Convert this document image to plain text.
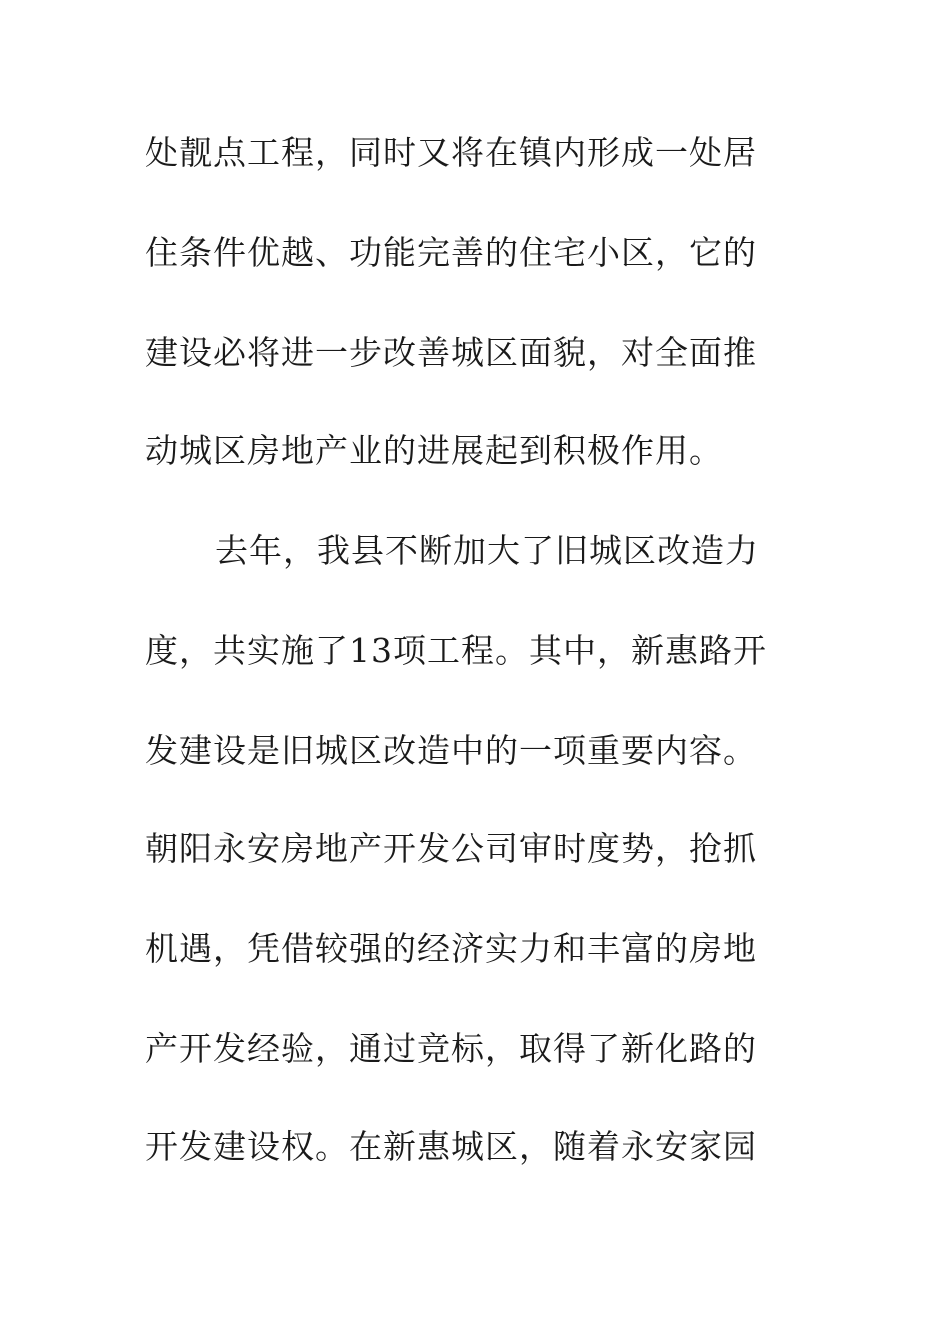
处靓点工程，同时又将在镇内形成一处居
住条件优越、功能完善的住宅小区，它的
建设必将进一步改善城区面貌，对全面推
动城区房地产业的进展起到积极作用。
去年，我县不断加大了旧城区改造力
度，共实施了13项工程。其中，新惠路开
发建设是旧城区改造中的一项重要内容。
朝阳永安房地产开发公司审时度势，抢抓
机遇，凭借较强的经济实力和丰富的房地
产开发经验，通过竞标，取得了新化路的
开发建设权。在新惠城区，随着永安家园
